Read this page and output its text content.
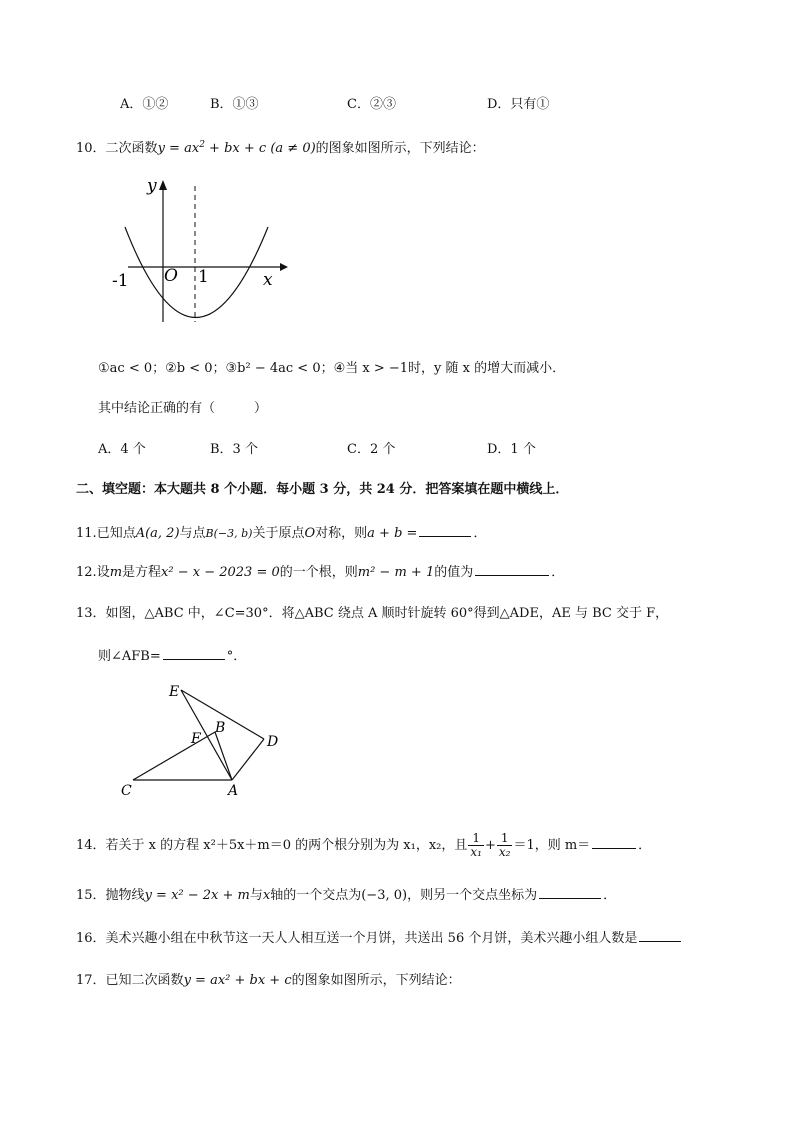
A．①②	B．①③	C．②③	D．只有①
10．二次函数$y = ax^2$ + bx + c (a ≠ 0)的图象如图所示，下列结论：
y
x
O
-1	1
①ac < 0；②b < 0；③b² − 4ac < 0；④当 x > −1时，y 随 x 的增大而减小．
其中结论正确的有（　　　）
A．4 个	B．3 个	C．2 个	D．1 个
二、填空题：本大题共 8 个小题．每小题 3 分，共 24 分．把答案填在题中横线上．
11.已知点A(a, 2)与点B(−3, b)关于原点O对称，则a + b =	．
12.设m是方程x² − x − 2023 = 0的一个根，则m² − m + 1的值为	．
13．如图，△ABC 中，∠C=30°．将△ABC 绕点 A 顺时针旋转 60°得到△ADE，AE 与 BC 交于 F，
则∠AFB=	°．
E
B
F	D
C	A
14．若关于 x 的方程 x²＋5x＋m＝0 的两个根分别为为 x₁，x₂，且 $\frac{1}{\text{x₁}} + \frac{1}{\text{x₂}} =1$，则 m＝	．
15．抛物线y = x² − 2x + m与x轴的一个交点为(−3, 0)，则另一个交点坐标为	．
16．美术兴趣小组在中秋节这一天人人相互送一个月饼，共送出 56 个月饼，美术兴趣小组人数是
17．已知二次函数y = ax² + bx + c的图象如图所示，下列结论：
